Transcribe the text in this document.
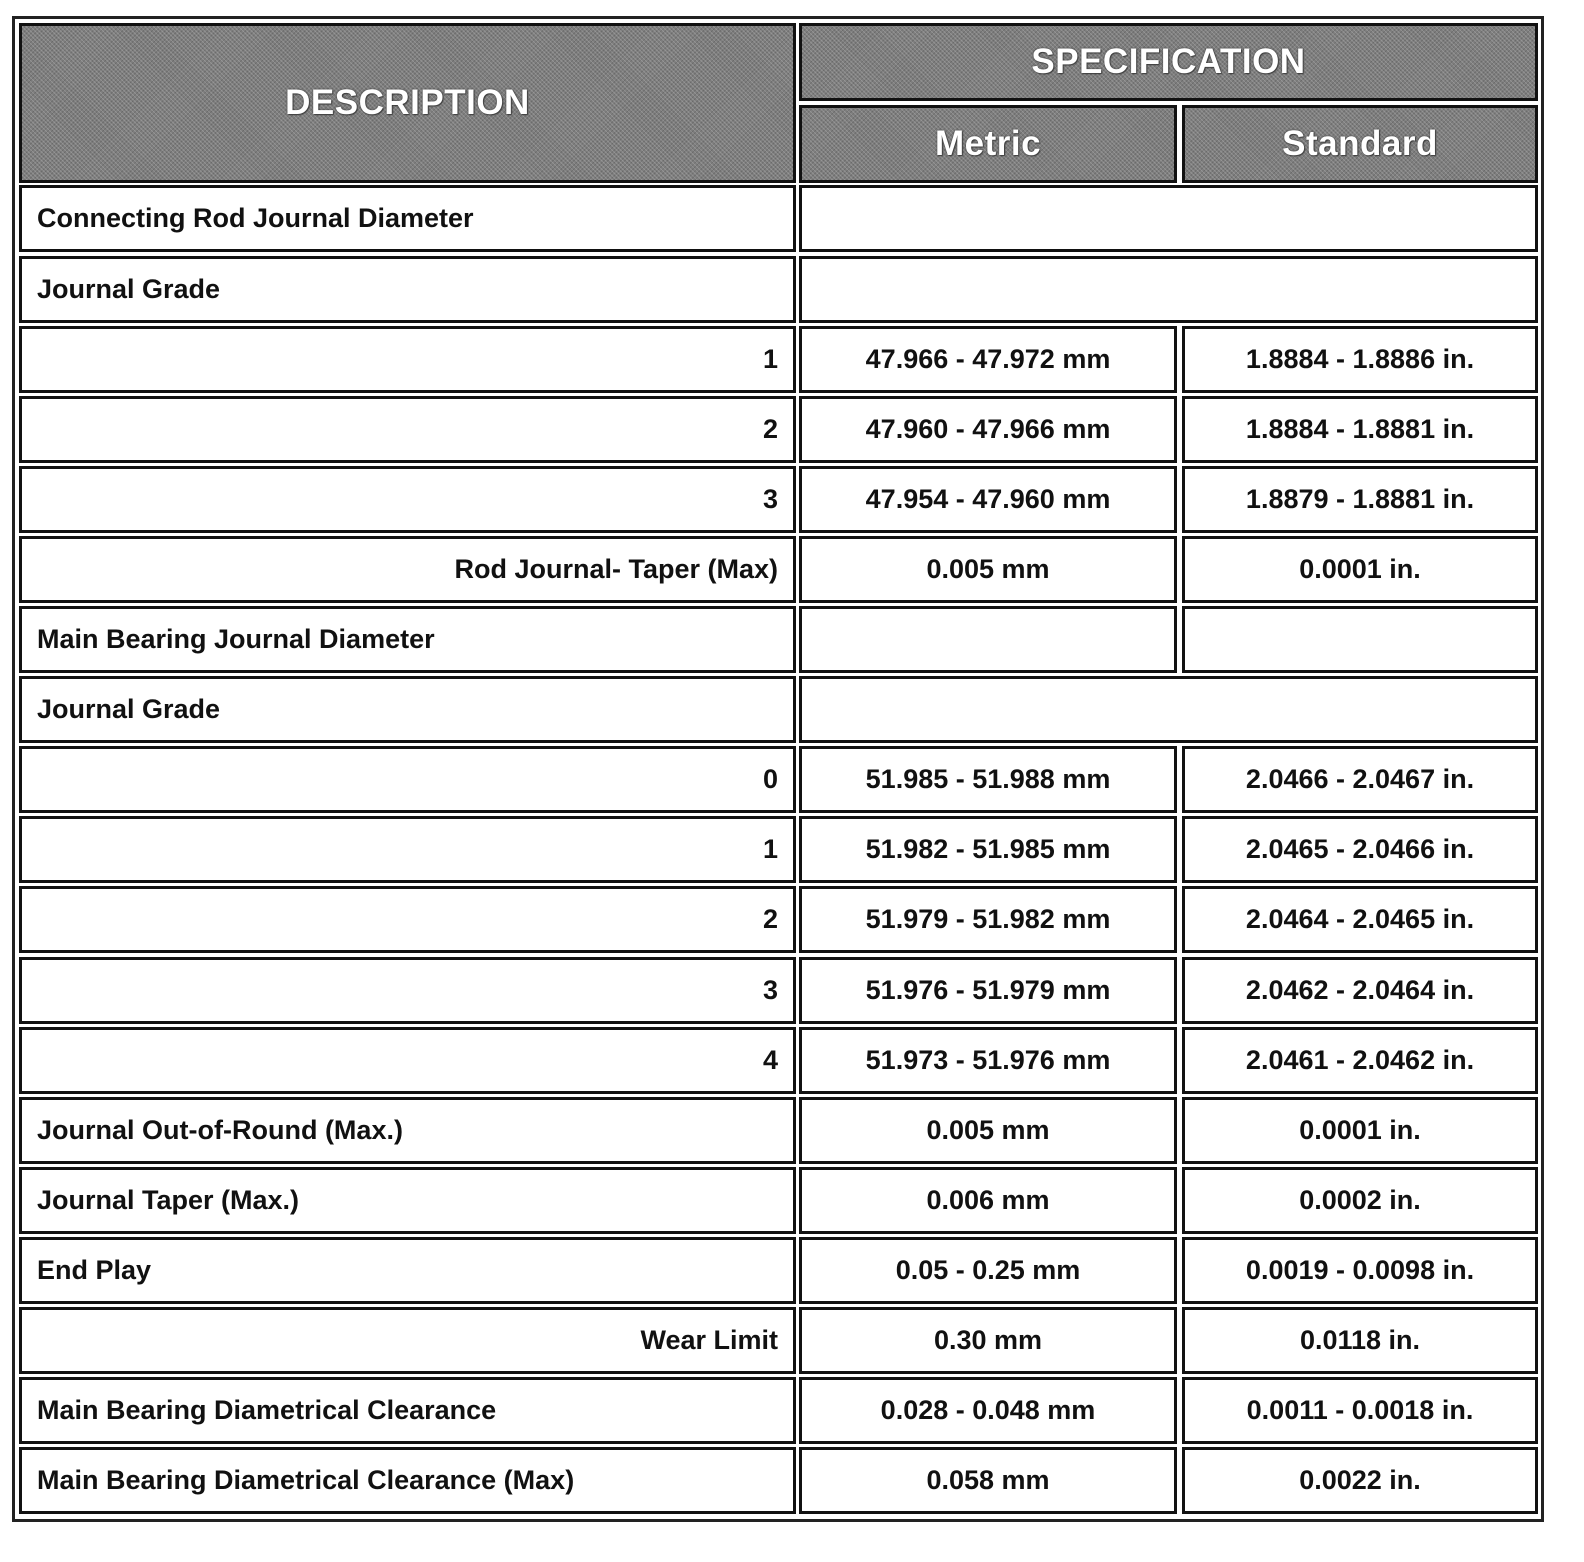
DESCRIPTION
SPECIFICATION
Metric	Standard
Connecting Rod Journal Diameter
Journal Grade
1	47.966 - 47.972 mm	1.8884 - 1.8886 in.
2	47.960 - 47.966 mm	1.8884 - 1.8881 in.
3	47.954 - 47.960 mm	1.8879 - 1.8881 in.
Rod Journal- Taper (Max)	0.005 mm	0.0001 in.
Main Bearing Journal Diameter
Journal Grade
0	51.985 - 51.988 mm	2.0466 - 2.0467 in.
1	51.982 - 51.985 mm	2.0465 - 2.0466 in.
2	51.979 - 51.982 mm	2.0464 - 2.0465 in.
3	51.976 - 51.979 mm	2.0462 - 2.0464 in.
4	51.973 - 51.976 mm	2.0461 - 2.0462 in.
Journal Out-of-Round (Max.)	0.005 mm	0.0001 in.
Journal Taper (Max.)	0.006 mm	0.0002 in.
End Play	0.05 - 0.25 mm	0.0019 - 0.0098 in.
Wear Limit	0.30 mm	0.0118 in.
Main Bearing Diametrical Clearance	0.028 - 0.048 mm	0.0011 - 0.0018 in.
Main Bearing Diametrical Clearance (Max)	0.058 mm	0.0022 in.
